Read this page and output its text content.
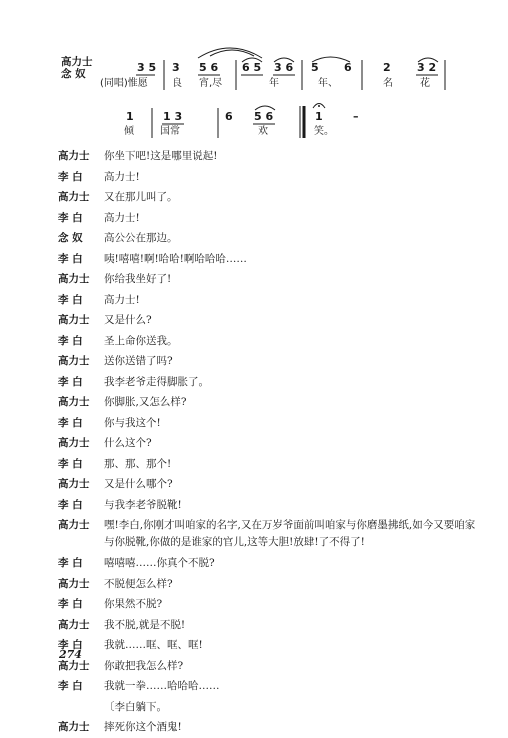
高力士
念 奴	3 5 3 5 6 6 5 3 6 5 6	2 3 2
(同唱)惟愿 良 宵,尽	年	年、	名	花
1	1 3	6 5 6	1	–
倾	国常	欢	笑。
高力士	你坐下吧!这是哪里说起!
李 白	高力士!
高力士	又在那儿叫了。
李 白	高力士!
念 奴	高公公在那边。
李 白	咦!嘻嘻!啊!哈哈!啊哈哈哈……
高力士	你给我坐好了!
李 白	高力士!
高力士	又是什么?
李 白	圣上命你送我。
高力士	送你送错了吗?
李 白	我李老爷走得脚胀了。
高力士	你脚胀,又怎么样?
李 白	你与我这个!
高力士	什么这个?
李 白	那、那、那个!
高力士	又是什么哪个?
李 白	与我李老爷脱靴!
高力士	嘿!李白,你刚才叫咱家的名字,又在万岁爷面前叫咱家与你磨墨拂纸,如今又要咱家与你脱靴,你做的是谁家的官儿,这等大胆!放肆!了不得了!
李 白	嘻嘻嘻……你真个不脱?
高力士	不脱便怎么样?
李 白	你果然不脱?
高力士	我不脱,就是不脱!
李 白	我就……哐、哐、哐!
高力士	你敢把我怎么样?
李 白	我就一拳……哈哈哈……
〔李白躺下。
高力士	摔死你这个酒鬼!
274
